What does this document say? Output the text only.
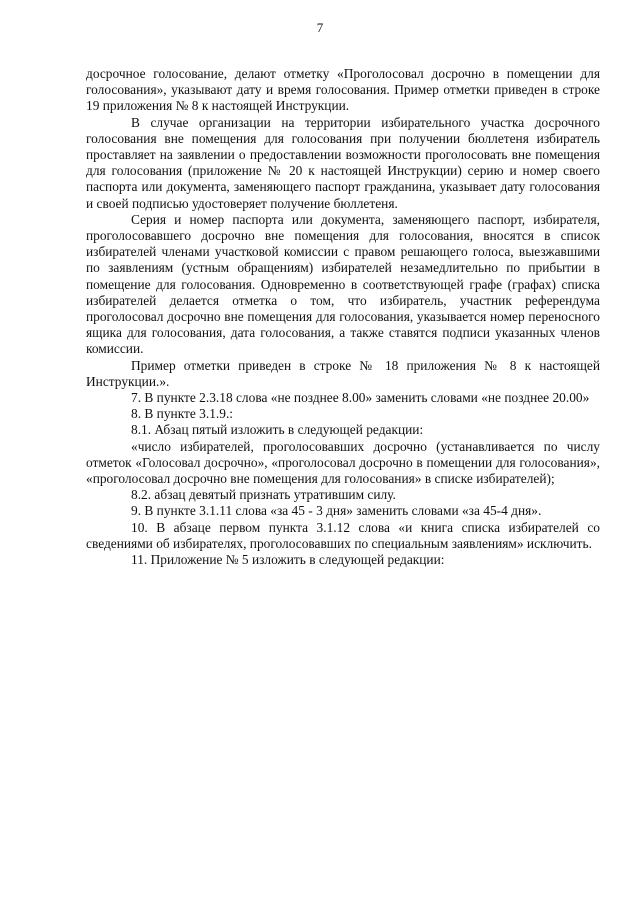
7

досрочное голосование, делают отметку «Проголосовал досрочно в помещении для голосования», указывают дату и время голосования. Пример отметки приведен в строке 19 приложения № 8 к настоящей Инструкции.

В случае организации на территории избирательного участка досрочного голосования вне помещения для голосования при получении бюллетеня избиратель проставляет на заявлении о предоставлении возможности проголосовать вне помещения для голосования (приложение № 20 к настоящей Инструкции) серию и номер своего паспорта или документа, заменяющего паспорт гражданина, указывает дату голосования и своей подписью удостоверяет получение бюллетеня.

Серия и номер паспорта или документа, заменяющего паспорт, избирателя, проголосовавшего досрочно вне помещения для голосования, вносятся в список избирателей членами участковой комиссии с правом решающего голоса, выезжавшими по заявлениям (устным обращениям) избирателей незамедлительно по прибытии в помещение для голосования. Одновременно в соответствующей графе (графах) списка избирателей делается отметка о том, что избиратель, участник референдума проголосовал досрочно вне помещения для голосования, указывается номер переносного ящика для голосования, дата голосования, а также ставятся подписи указанных членов комиссии.

Пример отметки приведен в строке № 18 приложения № 8 к настоящей Инструкции.».

7. В пункте 2.3.18 слова «не позднее 8.00» заменить словами «не позднее 20.00»

8. В пункте 3.1.9.:

8.1. Абзац пятый изложить в следующей редакции:

«число избирателей, проголосовавших досрочно (устанавливается по числу отметок «Голосовал досрочно», «проголосовал досрочно в помещении для голосования», «проголосовал досрочно вне помещения для голосования» в списке избирателей);

8.2. абзац девятый признать утратившим силу.

9. В пункте 3.1.11 слова «за 45 - 3 дня» заменить словами «за 45-4 дня».

10. В абзаце первом пункта 3.1.12 слова «и книга списка избирателей со сведениями об избирателях, проголосовавших по специальным заявлениям» исключить.

11. Приложение № 5 изложить в следующей редакции:
